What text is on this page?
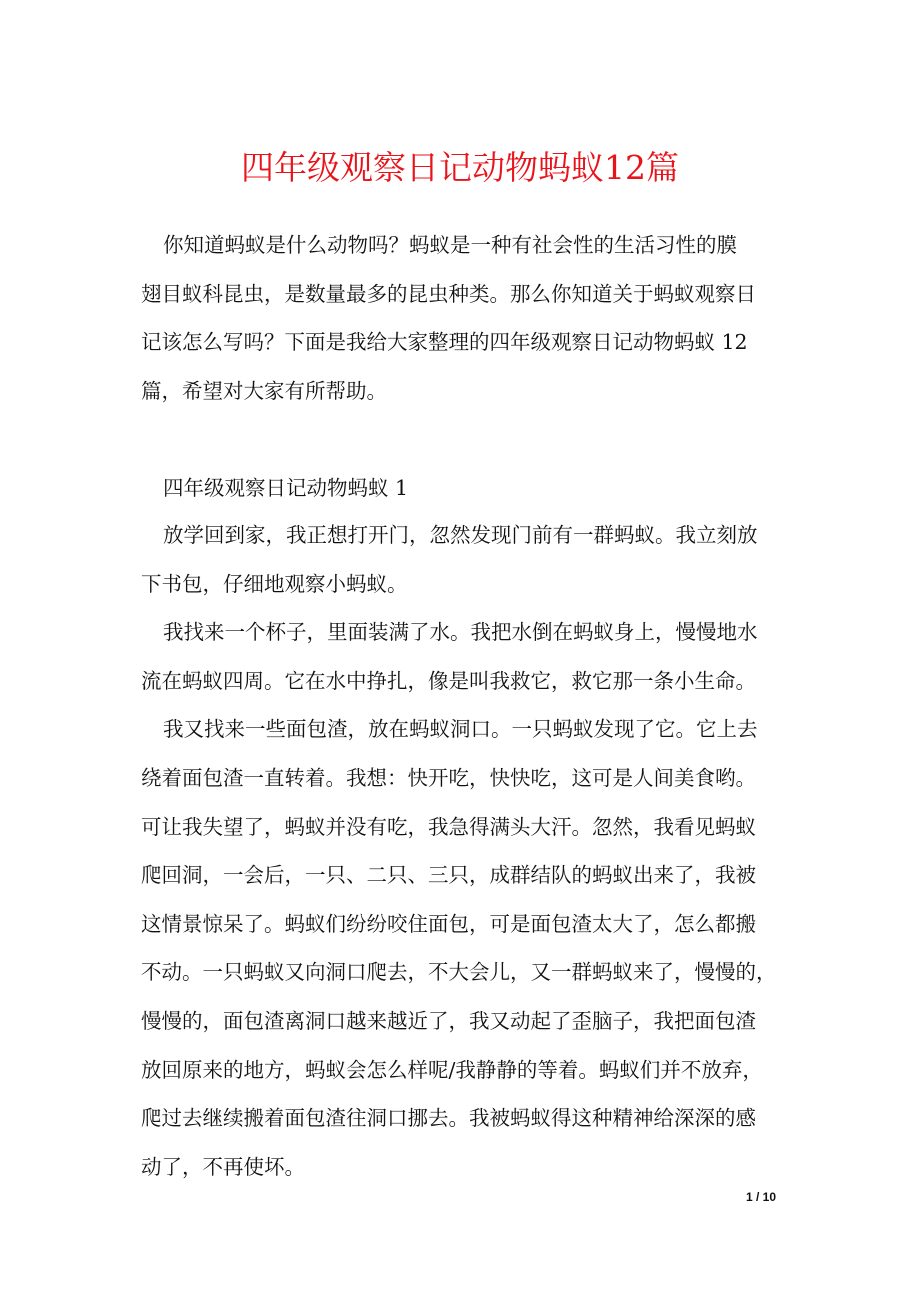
四年级观察日记动物蚂蚁12篇
你知道蚂蚁是什么动物吗？蚂蚁是一种有社会性的生活习性的膜
翅目蚁科昆虫，是数量最多的昆虫种类。那么你知道关于蚂蚁观察日
记该怎么写吗？下面是我给大家整理的四年级观察日记动物蚂蚁 12
篇，希望对大家有所帮助。
四年级观察日记动物蚂蚁 1
放学回到家，我正想打开门，忽然发现门前有一群蚂蚁。我立刻放
下书包，仔细地观察小蚂蚁。
我找来一个杯子，里面装满了水。我把水倒在蚂蚁身上，慢慢地水
流在蚂蚁四周。它在水中挣扎，像是叫我救它，救它那一条小生命。
我又找来一些面包渣，放在蚂蚁洞口。一只蚂蚁发现了它。它上去
绕着面包渣一直转着。我想：快开吃，快快吃，这可是人间美食哟。
可让我失望了，蚂蚁并没有吃，我急得满头大汗。忽然，我看见蚂蚁
爬回洞，一会后，一只、二只、三只，成群结队的蚂蚁出来了，我被
这情景惊呆了。蚂蚁们纷纷咬住面包，可是面包渣太大了，怎么都搬
不动。一只蚂蚁又向洞口爬去，不大会儿，又一群蚂蚁来了，慢慢的，
慢慢的，面包渣离洞口越来越近了，我又动起了歪脑子，我把面包渣
放回原来的地方，蚂蚁会怎么样呢/我静静的等着。蚂蚁们并不放弃，
爬过去继续搬着面包渣往洞口挪去。我被蚂蚁得这种精神给深深的感
动了，不再使坏。
1 / 10
